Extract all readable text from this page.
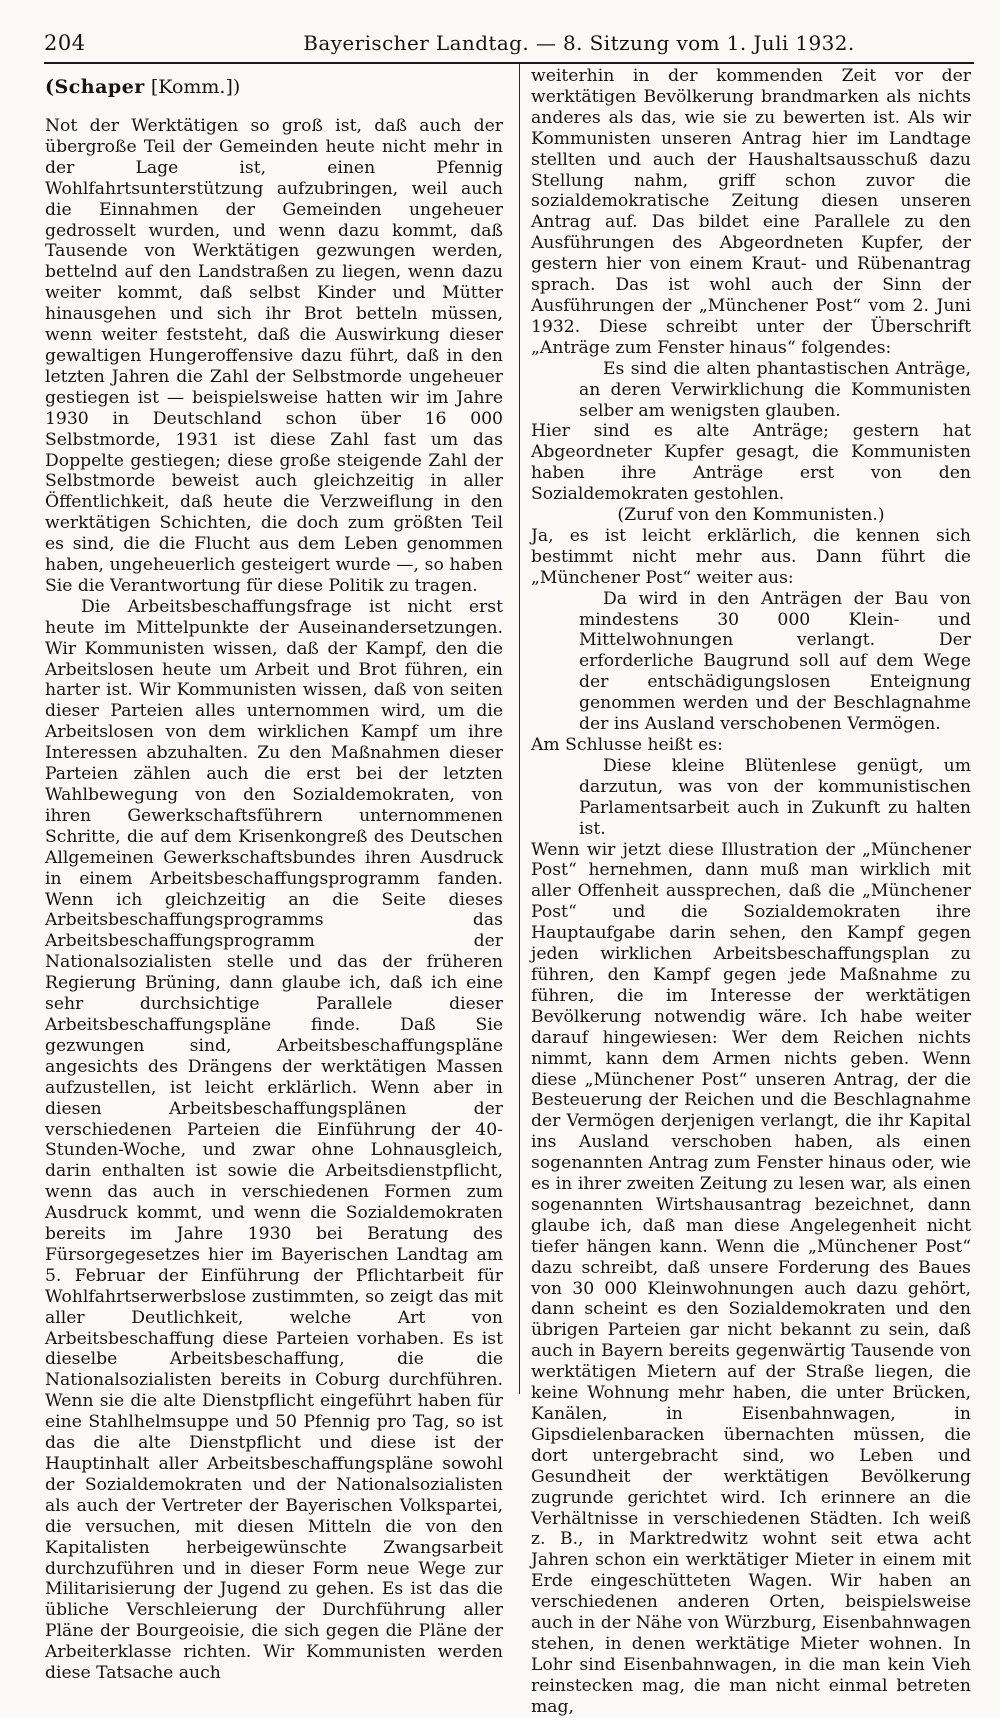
204	Bayerischer Landtag. — 8. Sitzung vom 1. Juli 1932.
(Schaper [Komm.])

Not der Werktätigen so groß ist, daß auch der übergroße Teil der Gemeinden heute nicht mehr in der Lage ist, einen Pfennig Wohlfahrtsunterstützung aufzubringen, weil auch die Einnahmen der Gemeinden ungeheuer gedrosselt wurden, und wenn dazu kommt, daß Tausende von Werktätigen gezwungen werden, bettelnd auf den Landstraßen zu liegen, wenn dazu weiter kommt, daß selbst Kinder und Mütter hinausgehen und sich ihr Brot betteln müssen, wenn weiter feststeht, daß die Auswirkung dieser gewaltigen Hungeroffensive dazu führt, daß in den letzten Jahren die Zahl der Selbstmorde ungeheuer gestiegen ist — beispielsweise hatten wir im Jahre 1930 in Deutschland schon über 16 000 Selbstmorde, 1931 ist diese Zahl fast um das Doppelte gestiegen; diese große steigende Zahl der Selbstmorde beweist auch gleichzeitig in aller Öffentlichkeit, daß heute die Verzweiflung in den werktätigen Schichten, die doch zum größten Teil es sind, die die Flucht aus dem Leben genommen haben, ungeheuerlich gesteigert wurde —, so haben Sie die Verantwortung für diese Politik zu tragen.

Die Arbeitsbeschaffungsfrage ist nicht erst heute im Mittelpunkte der Auseinandersetzungen. Wir Kommunisten wissen, daß der Kampf, den die Arbeitslosen heute um Arbeit und Brot führen, ein harter ist. Wir Kommunisten wissen, daß von seiten dieser Parteien alles unternommen wird, um die Arbeitslosen von dem wirklichen Kampf um ihre Interessen abzuhalten. Zu den Maßnahmen dieser Parteien zählen auch die erst bei der letzten Wahlbewegung von den Sozialdemokraten, von ihren Gewerkschaftsführern unternommenen Schritte, die auf dem Krisenkongreß des Deutschen Allgemeinen Gewerkschaftsbundes ihren Ausdruck in einem Arbeitsbeschaffungsprogramm fanden. Wenn ich gleichzeitig an die Seite dieses Arbeitsbeschaffungsprogramms das Arbeitsbeschaffungsprogramm der Nationalsozialisten stelle und das der früheren Regierung Brüning, dann glaube ich, daß ich eine sehr durchsichtige Parallele dieser Arbeitsbeschaffungspläne finde. Daß Sie gezwungen sind, Arbeitsbeschaffungspläne angesichts des Drängens der werktätigen Massen aufzustellen, ist leicht erklärlich. Wenn aber in diesen Arbeitsbeschaffungsplänen der verschiedenen Parteien die Einführung der 40-Stunden-Woche, und zwar ohne Lohnausgleich, darin enthalten ist sowie die Arbeitsdienstpflicht, wenn das auch in verschiedenen Formen zum Ausdruck kommt, und wenn die Sozialdemokraten bereits im Jahre 1930 bei Beratung des Fürsorgegesetzes hier im Bayerischen Landtag am 5. Februar der Einführung der Pflichtarbeit für Wohlfahrtserwerbslose zustimmten, so zeigt das mit aller Deutlichkeit, welche Art von Arbeitsbeschaffung diese Parteien vorhaben. Es ist dieselbe Arbeitsbeschaffung, die die Nationalsozialisten bereits in Coburg durchführen. Wenn sie die alte Dienstpflicht eingeführt haben für eine Stahlhelmsuppe und 50 Pfennig pro Tag, so ist das die alte Dienstpflicht und diese ist der Hauptinhalt aller Arbeitsbeschaffungspläne sowohl der Sozialdemokraten und der Nationalsozialisten als auch der Vertreter der Bayerischen Volkspartei, die versuchen, mit diesen Mitteln die von den Kapitalisten herbeigewünschte Zwangsarbeit durchzuführen und in dieser Form neue Wege zur Militarisierung der Jugend zu gehen. Es ist das die übliche Verschleierung der Durchführung aller Pläne der Bourgeoisie, die sich gegen die Pläne der Arbeiterklasse richten. Wir Kommunisten werden diese Tatsache auch

weiterhin in der kommenden Zeit vor der werktätigen Bevölkerung brandmarken als nichts anderes als das, wie sie zu bewerten ist. Als wir Kommunisten unseren Antrag hier im Landtage stellten und auch der Haushaltsausschuß dazu Stellung nahm, griff schon zuvor die sozialdemokratische Zeitung diesen unseren Antrag auf. Das bildet eine Parallele zu den Ausführungen des Abgeordneten Kupfer, der gestern hier von einem Kraut- und Rübenantrag sprach. Das ist wohl auch der Sinn der Ausführungen der „Münchener Post“ vom 2. Juni 1932. Diese schreibt unter der Überschrift „Anträge zum Fenster hinaus“ folgendes:

Es sind die alten phantastischen Anträge, an deren Verwirklichung die Kommunisten selber am wenigsten glauben.

Hier sind es alte Anträge; gestern hat Abgeordneter Kupfer gesagt, die Kommunisten haben ihre Anträge erst von den Sozialdemokraten gestohlen.

(Zuruf von den Kommunisten.)

Ja, es ist leicht erklärlich, die kennen sich bestimmt nicht mehr aus. Dann führt die „Münchener Post“ weiter aus:

Da wird in den Anträgen der Bau von mindestens 30 000 Klein- und Mittelwohnungen verlangt. Der erforderliche Baugrund soll auf dem Wege der entschädigungslosen Enteignung genommen werden und der Beschlagnahme der ins Ausland verschobenen Vermögen.

Am Schlusse heißt es:

Diese kleine Blütenlese genügt, um darzutun, was von der kommunistischen Parlamentsarbeit auch in Zukunft zu halten ist.

Wenn wir jetzt diese Illustration der „Münchener Post“ hernehmen, dann muß man wirklich mit aller Offenheit aussprechen, daß die „Münchener Post“ und die Sozialdemokraten ihre Hauptaufgabe darin sehen, den Kampf gegen jeden wirklichen Arbeitsbeschaffungsplan zu führen, den Kampf gegen jede Maßnahme zu führen, die im Interesse der werktätigen Bevölkerung notwendig wäre. Ich habe weiter darauf hingewiesen: Wer dem Reichen nichts nimmt, kann dem Armen nichts geben. Wenn diese „Münchener Post“ unseren Antrag, der die Besteuerung der Reichen und die Beschlagnahme der Vermögen derjenigen verlangt, die ihr Kapital ins Ausland verschoben haben, als einen sogenannten Antrag zum Fenster hinaus oder, wie es in ihrer zweiten Zeitung zu lesen war, als einen sogenannten Wirtshausantrag bezeichnet, dann glaube ich, daß man diese Angelegenheit nicht tiefer hängen kann. Wenn die „Münchener Post“ dazu schreibt, daß unsere Forderung des Baues von 30 000 Kleinwohnungen auch dazu gehört, dann scheint es den Sozialdemokraten und den übrigen Parteien gar nicht bekannt zu sein, daß auch in Bayern bereits gegenwärtig Tausende von werktätigen Mietern auf der Straße liegen, die keine Wohnung mehr haben, die unter Brücken, Kanälen, in Eisenbahnwagen, in Gipsdielenbaracken übernachten müssen, die dort untergebracht sind, wo Leben und Gesundheit der werktätigen Bevölkerung zugrunde gerichtet wird. Ich erinnere an die Verhältnisse in verschiedenen Städten. Ich weiß z. B., in Marktredwitz wohnt seit etwa acht Jahren schon ein werktätiger Mieter in einem mit Erde eingeschütteten Wagen. Wir haben an verschiedenen anderen Orten, beispielsweise auch in der Nähe von Würzburg, Eisenbahnwagen stehen, in denen werktätige Mieter wohnen. In Lohr sind Eisenbahnwagen, in die man kein Vieh reinstecken mag, die man nicht einmal betreten mag,
